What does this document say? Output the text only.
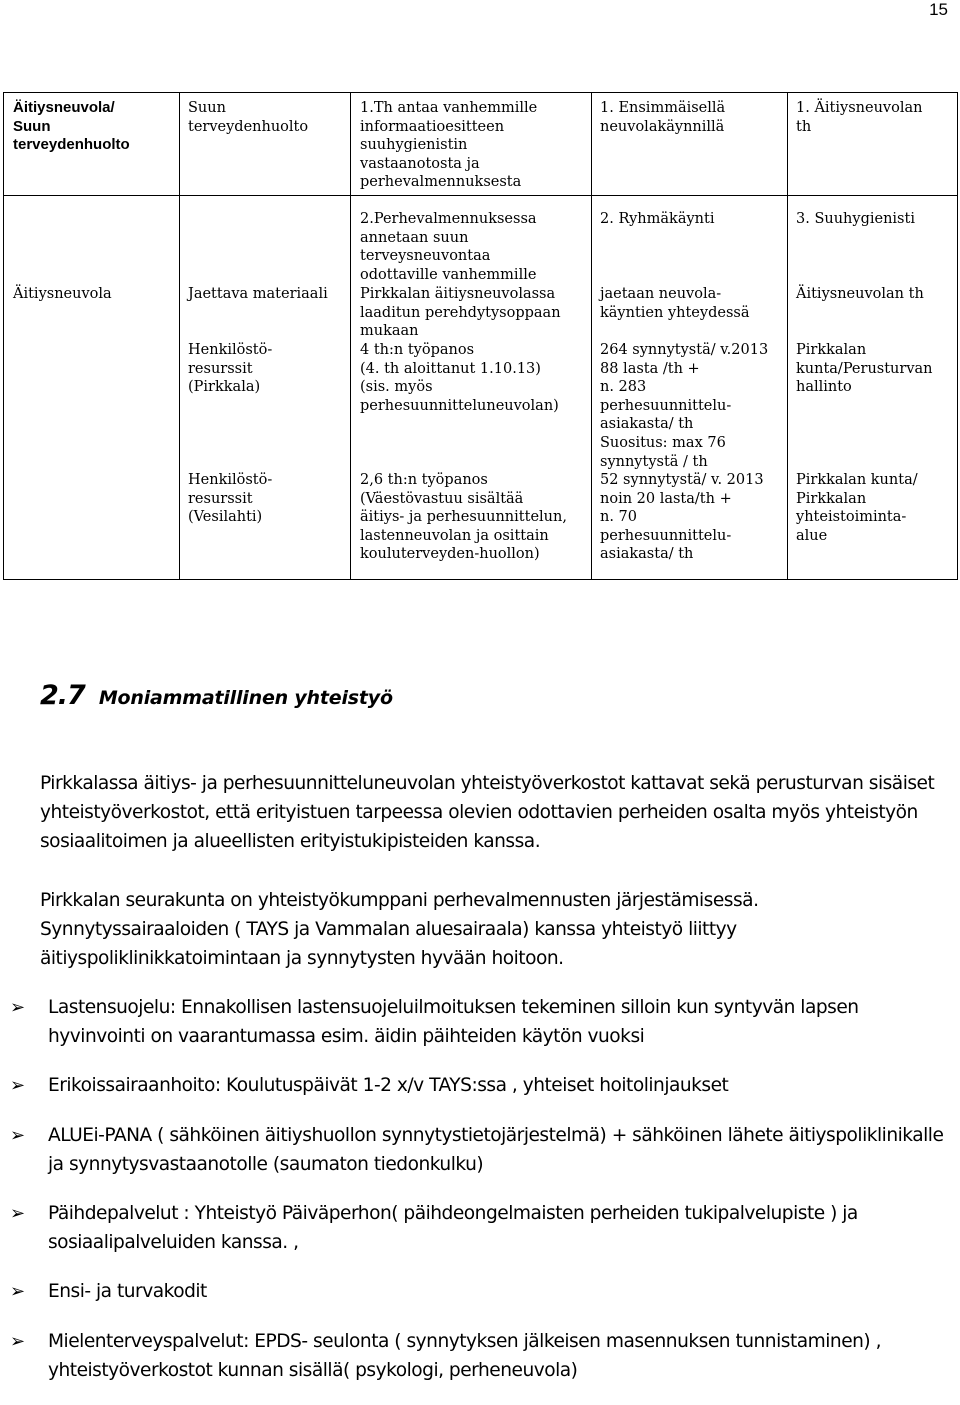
15
Äitiysneuvola/
Suun
terveydenhuolto
Suun
terveydenhuolto
1.Th antaa vanhemmille
informaatioesitteen
suuhygienistin
vastaanotosta ja
perhevalmennuksesta
1. Ensimmäisellä
neuvolakäynnillä
1. Äitiysneuvolan
th
2.Perhevalmennuksessa
annetaan suun
terveysneuvontaa
odottaville vanhemmille
Äitiysneuvola	Jaettava materiaali	Pirkkalan äitiysneuvolassa
laaditun perehdytysoppaan
mukaan
2. Ryhmäkäynti
jaetaan neuvola-
käyntien yhteydessä
3. Suuhygienisti
Äitiysneuvolan th
Henkilöstö-
resurssit
(Pirkkala)
4 th:n työpanos
(4. th aloittanut 1.10.13)
(sis. myös
perhesuunnitteluneuvolan)
264 synnytystä/ v.2013
88 lasta /th +
n. 283
perhesuunnittelu-
asiakasta/ th
Suositus: max 76
synnytystä / th
Pirkkalan
kunta/Perusturvan
hallinto
Henkilöstö-
resurssit
(Vesilahti)
2,6 th:n työpanos
(Väestövastuu sisältää
äitiys- ja perhesuunnittelun,
lastenneuvolan ja osittain
kouluterveyden-huollon)
52 synnytystä/ v. 2013
noin 20 lasta/th +
n. 70
perhesuunnittelu-
asiakasta/ th
Pirkkalan kunta/
Pirkkalan
yhteistoiminta-
alue
2.7 Moniammatillinen yhteistyö
Pirkkalassa äitiys- ja perhesuunnitteluneuvolan yhteistyöverkostot kattavat sekä perusturvan sisäiset yhteistyöverkostot, että erityistuen tarpeessa olevien odottavien perheiden osalta myös yhteistyön sosiaalitoimen ja alueellisten erityistukipisteiden kanssa.
Pirkkalan seurakunta on yhteistyökumppani perhevalmennusten järjestämisessä.
Synnytyssairaaloiden ( TAYS ja Vammalan aluesairaala) kanssa yhteistyö liittyy äitiyspoliklinikkatoimintaan ja synnytysten hyvään hoitoon.
➢ Lastensuojelu: Ennakollisen lastensuojeluilmoituksen tekeminen silloin kun syntyvän lapsen hyvinvointi on vaarantumassa esim. äidin päihteiden käytön vuoksi
➢ Erikoissairaanhoito: Koulutuspäivät 1-2 x/v TAYS:ssa , yhteiset hoitolinjaukset
➢ ALUEi-PANA ( sähköinen äitiyshuollon synnytystietojärjestelmä) + sähköinen lähete äitiyspoliklinikalle ja synnytysvastaanotolle (saumaton tiedonkulku)
➢ Päihdepalvelut : Yhteistyö Päiväperhon( päihdeongelmaisten perheiden tukipalvelupiste ) ja sosiaalipalveluiden kanssa. ,
➢ Ensi- ja turvakodit
➢ Mielenterveyspalvelut: EPDS- seulonta ( synnytyksen jälkeisen masennuksen tunnistaminen) , yhteistyöverkostot kunnan sisällä( psykologi, perheneuvola)
